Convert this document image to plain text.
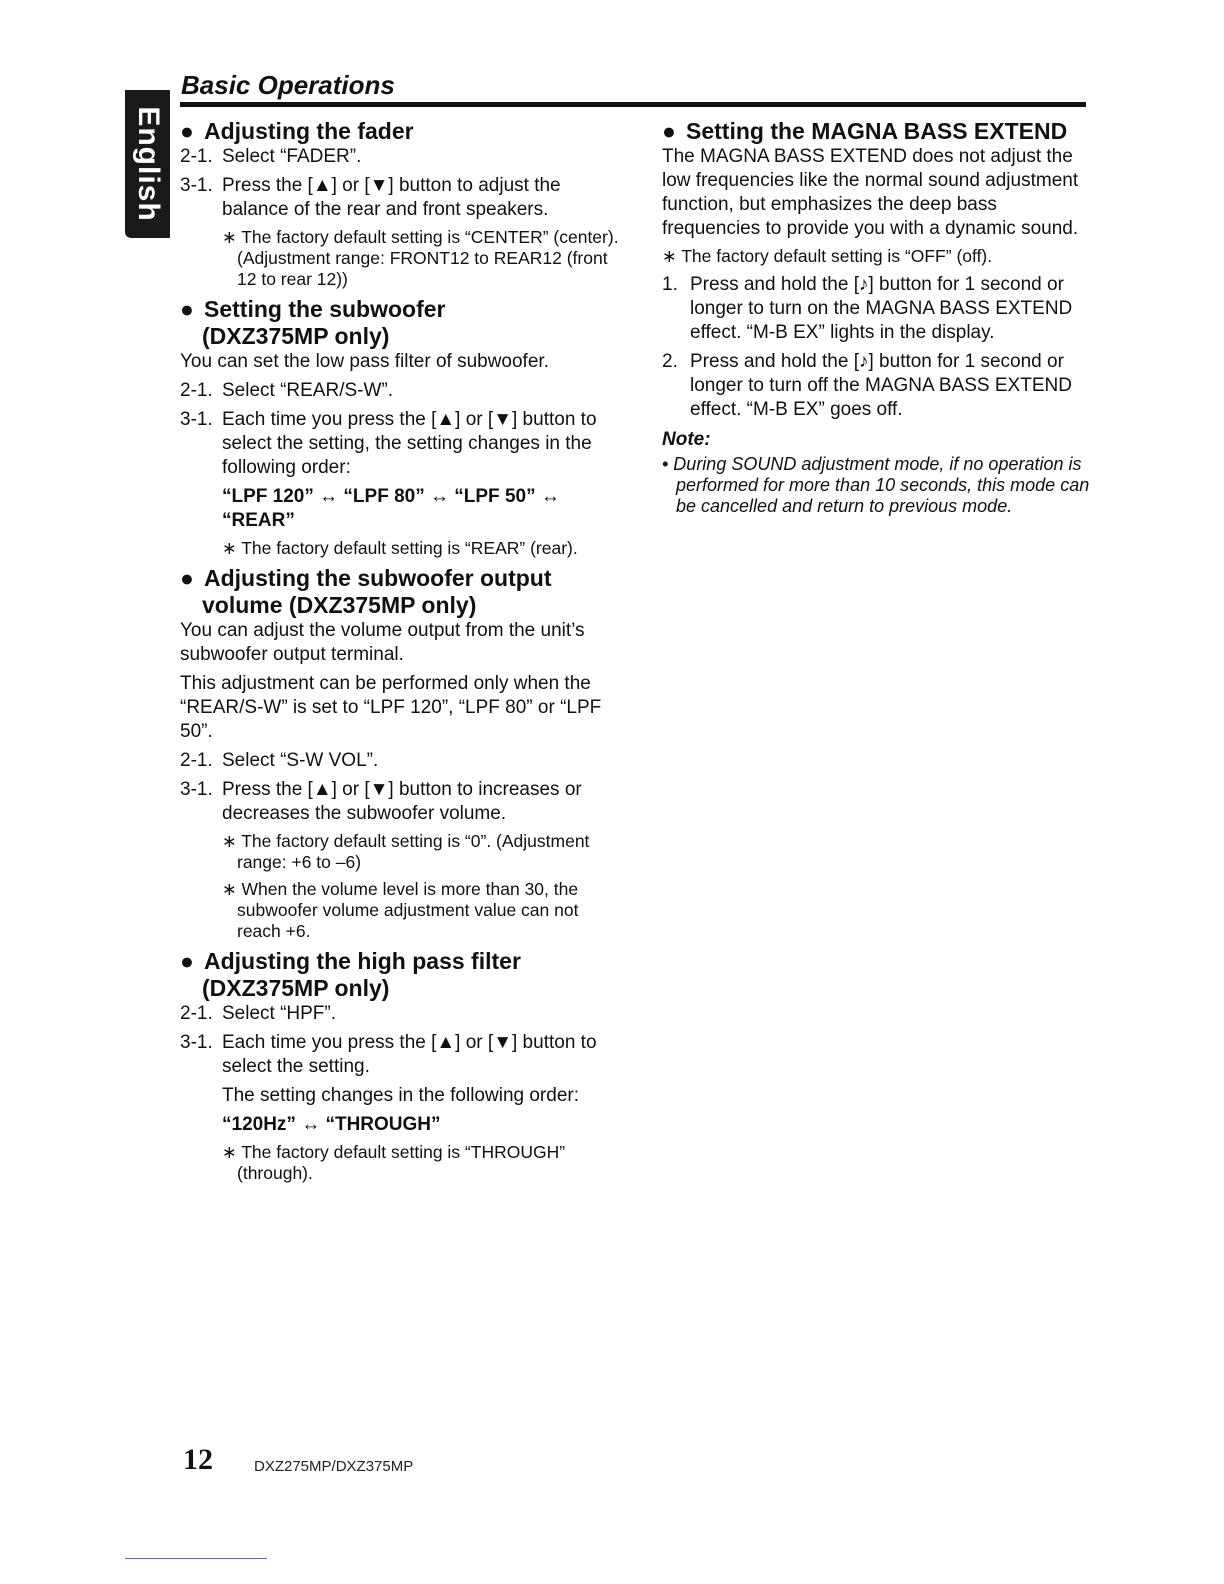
English
Basic Operations
● Adjusting the fader

2-1. Select “FADER”.

3-1. Press the [▲] or [▼] button to adjust the balance of the rear and front speakers.

∗ The factory default setting is “CENTER” (center). (Adjustment range: FRONT12 to REAR12 (front 12 to rear 12))

● Setting the subwoofer
(DXZ375MP only)

You can set the low pass filter of subwoofer.

2-1. Select “REAR/S-W”.

3-1. Each time you press the [▲] or [▼] button to select the setting, the setting changes in the following order:

“LPF 120” ↔ “LPF 80” ↔ “LPF 50” ↔ “REAR”

∗ The factory default setting is “REAR” (rear).

● Adjusting the subwoofer output
volume (DXZ375MP only)

You can adjust the volume output from the unit’s subwoofer output terminal.

This adjustment can be performed only when the “REAR/S-W” is set to “LPF 120”, “LPF 80” or “LPF 50”.

2-1. Select “S-W VOL”.

3-1. Press the [▲] or [▼] button to increases or decreases the subwoofer volume.

∗ The factory default setting is “0”. (Adjustment range: +6 to –6)

∗ When the volume level is more than 30, the subwoofer volume adjustment value can not reach +6.

● Adjusting the high pass filter
(DXZ375MP only)

2-1. Select “HPF”.

3-1. Each time you press the [▲] or [▼] button to select the setting.

The setting changes in the following order:

“120Hz” ↔ “THROUGH”

∗ The factory default setting is “THROUGH” (through).

● Setting the MAGNA BASS EXTEND

The MAGNA BASS EXTEND does not adjust the low frequencies like the normal sound adjustment function, but emphasizes the deep bass frequencies to provide you with a dynamic sound.

∗ The factory default setting is “OFF” (off).

1. Press and hold the [♪] button for 1 second or longer to turn on the MAGNA BASS EXTEND effect. “M-B EX” lights in the display.

2. Press and hold the [♪] button for 1 second or longer to turn off the MAGNA BASS EXTEND effect. “M-B EX” goes off.

Note:

• During SOUND adjustment mode, if no operation is performed for more than 10 seconds, this mode can be cancelled and return to previous mode.

12	DXZ275MP/DXZ375MP
